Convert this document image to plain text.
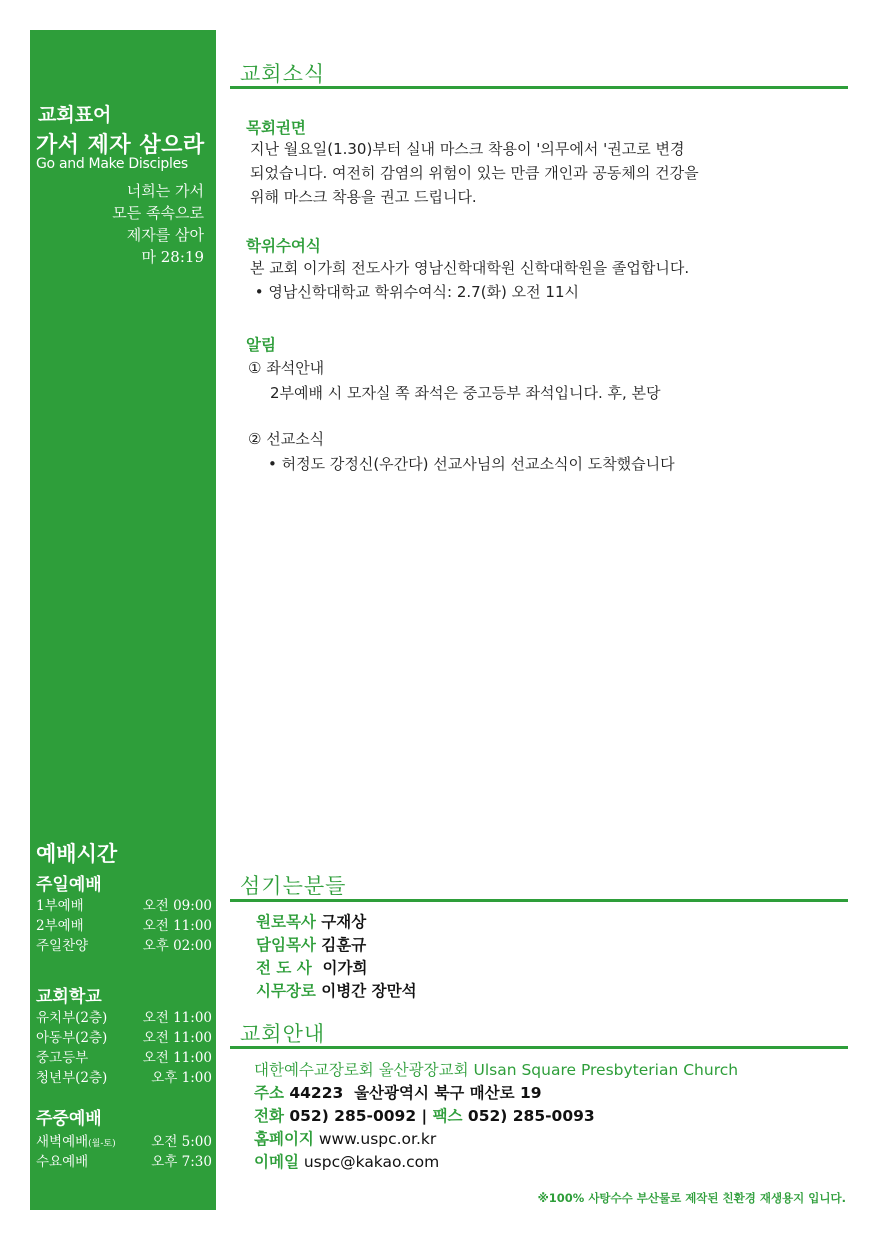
교회표어
가서 제자 삼으라
Go and Make Disciples
너희는 가서
모든 족속으로
제자를 삼아
마 28:19
예배시간
주일예배
1부예배	오전 09:00
2부예배	오전 11:00
주일찬양	오후 02:00
교회학교
유치부(2층)	오전 11:00
아동부(2층)	오전 11:00
중고등부	오전 11:00
청년부(2층)	오후 1:00
주중예배
새벽예배(월-토)	오전 5:00
수요예배	오후 7:30
교회소식
목회권면
지난 월요일(1.30)부터 실내 마스크 착용이 '의무에서 '권고로 변경
되었습니다. 여전히 감염의 위험이 있는 만큼 개인과 공동체의 건강을
위해 마스크 착용을 권고 드립니다.
학위수여식
본 교회 이가희 전도사가 영남신학대학원 신학대학원을 졸업합니다.
• 영남신학대학교 학위수여식: 2.7(화) 오전 11시
알림
① 좌석안내
2부예배 시 모자실 쪽 좌석은 중고등부 좌석입니다. 후, 본당
② 선교소식
• 허정도 강정신(우간다) 선교사님의 선교소식이 도착했습니다
섬기는분들
원로목사 구재상
담임목사 김훈규
전 도 사  이가희
시무장로 이병간 장만석
교회안내
대한예수교장로회 울산광장교회 Ulsan Square Presbyterian Church
주소 44223  울산광역시 북구 매산로 19
전화 052) 285-0092 | 팩스 052) 285-0093
홈페이지 www.uspc.or.kr
이메일 uspc@kakao.com
※100% 사탕수수 부산물로 제작된 친환경 재생용지 입니다.
